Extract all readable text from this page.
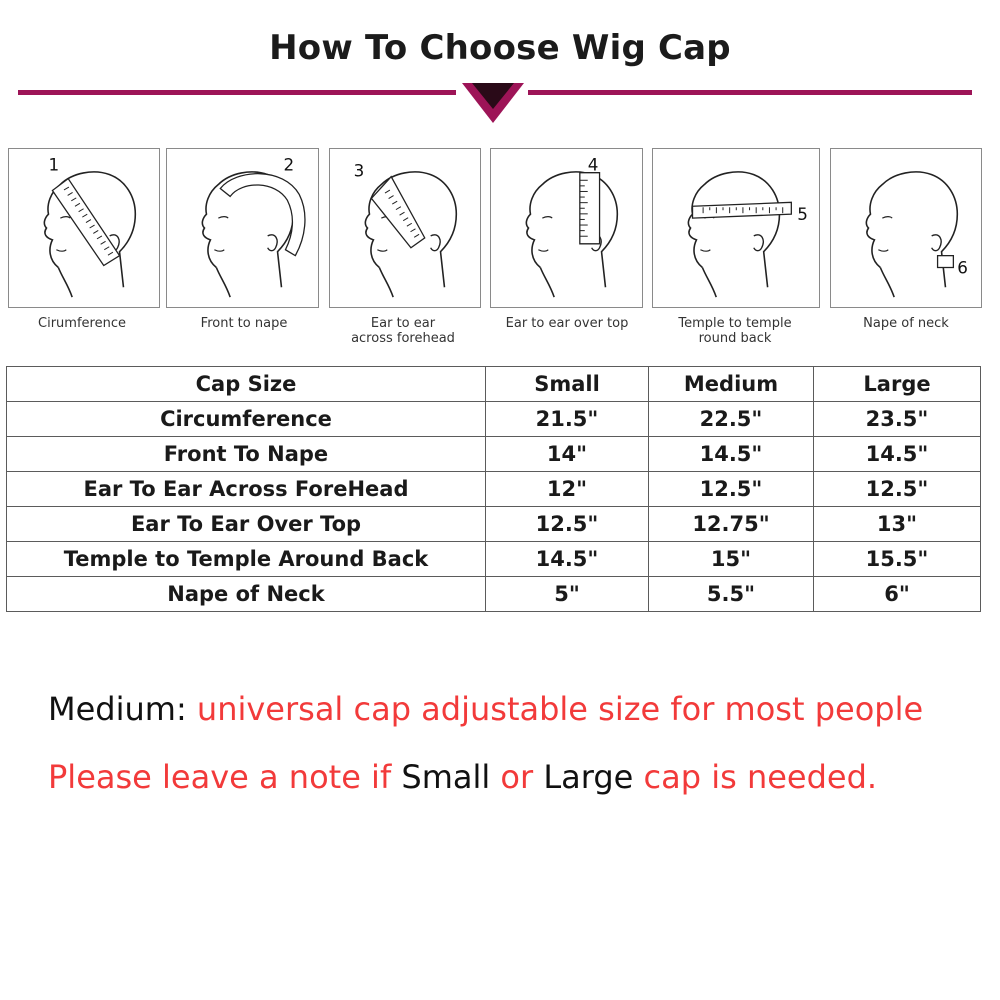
How To Choose Wig Cap
1
Cirumference
2
Front to nape
3
Ear to ear
across forehead
4
Ear to ear over top
5
Temple to temple
round back
6
Nape of neck
Cap Size	Small	Medium	Large
Circumference	21.5"	22.5"	23.5"
Front To Nape	14"	14.5"	14.5"
Ear To Ear Across ForeHead	12"	12.5"	12.5"
Ear To Ear Over Top	12.5"	12.75"	13"
Temple to Temple Around Back	14.5"	15"	15.5"
Nape of Neck	5"	5.5"	6"
Medium: universal cap adjustable size for most people
Please leave a note if Small or Large cap is needed.
